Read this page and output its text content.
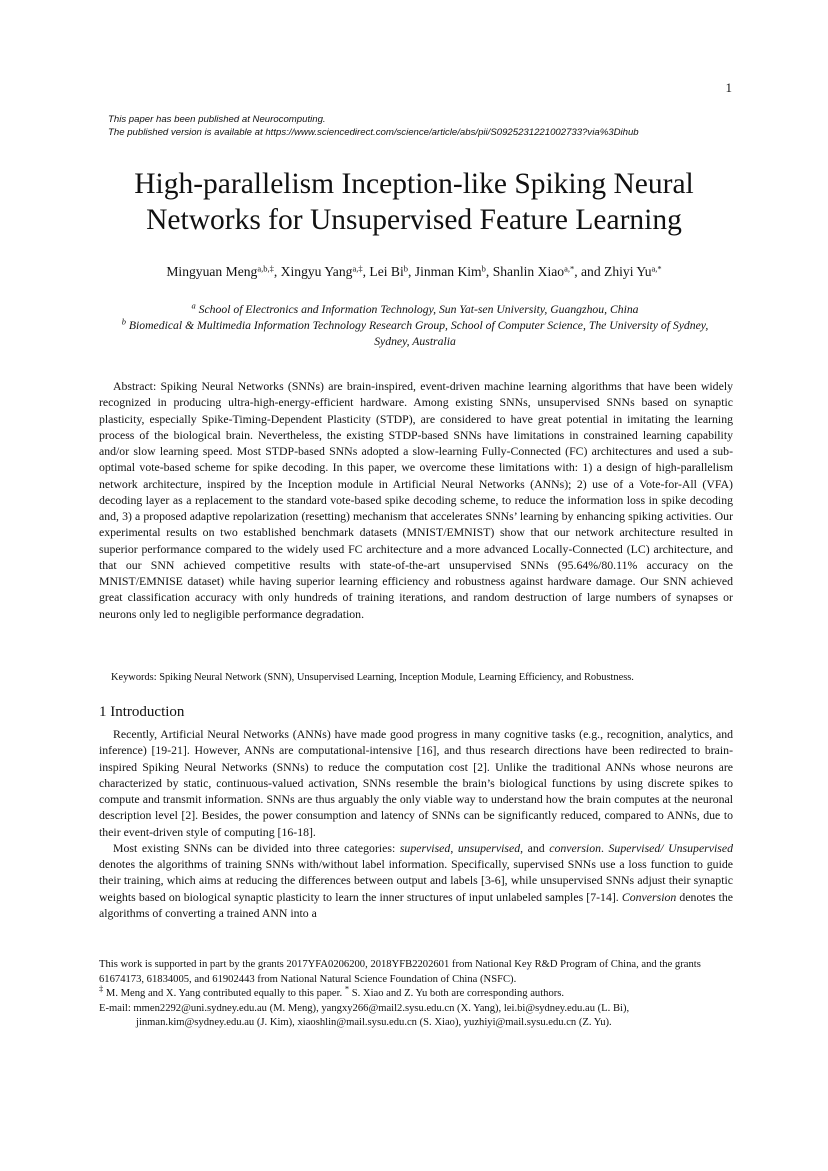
1
This paper has been published at Neurocomputing.
The published version is available at https://www.sciencedirect.com/science/article/abs/pii/S0925231221002733?via%3Dihub
High-parallelism Inception-like Spiking Neural
Networks for Unsupervised Feature Learning
Mingyuan Meng$^{a,b,\ddagger}$, Xingyu Yang$^{a,\ddagger}$, Lei Bi$^b$, Jinman Kim$^b$, Shanlin Xiao$^{a,*}$, and Zhiyi $Yu^{a,*}$
$^a$ School of Electronics and Information Technology, Sun Yat-sen University, Guangzhou, China
$^b$ Biomedical & Multimedia Information Technology Research Group, School of Computer Science, The University of Sydney, Sydney, Australia

Abstract: Spiking Neural Networks (SNNs) are brain-inspired, event-driven machine learning algorithms that have been widely recognized in producing ultra-high-energy-efficient hardware. Among existing SNNs, unsupervised SNNs based on synaptic plasticity, especially Spike-Timing-Dependent Plasticity (STDP), are considered to have great potential in imitating the learning process of the biological brain. Nevertheless, the existing STDP-based SNNs have limitations in constrained learning capability and/or slow learning speed. Most STDP-based SNNs adopted a slow-learning Fully-Connected (FC) architectures and used a sub-optimal vote-based scheme for spike decoding. In this paper, we overcome these limitations with: 1) a design of high-parallelism network architecture, inspired by the Inception module in Artificial Neural Networks (ANNs); 2) use of a Vote-for-All (VFA) decoding layer as a replacement to the standard vote-based spike decoding scheme, to reduce the information loss in spike decoding and, 3) a proposed adaptive repolarization (resetting) mechanism that accelerates SNNs’ learning by enhancing spiking activities. Our experimental results on two established benchmark datasets (MNIST/EMNIST) show that our network architecture resulted in superior performance compared to the widely used FC architecture and a more advanced Locally-Connected (LC) architecture, and that our SNN achieved competitive results with state-of-the-art unsupervised SNNs (95.64%/80.11% accuracy on the MNIST/EMNISE dataset) while having superior learning efficiency and robustness against hardware damage. Our SNN achieved great classification accuracy with only hundreds of training iterations, and random destruction of large numbers of synapses or neurons only led to negligible performance degradation.

Keywords: Spiking Neural Network (SNN), Unsupervised Learning, Inception Module, Learning Efficiency, and Robustness.
1 Introduction

Recently, Artificial Neural Networks (ANNs) have made good progress in many cognitive tasks (e.g., recognition, analytics, and inference) [19-21]. However, ANNs are computational-intensive [16], and thus research directions have been redirected to brain-inspired Spiking Neural Networks (SNNs) to reduce the computation cost [2]. Unlike the traditional ANNs whose neurons are characterized by static, continuous-valued activation, SNNs resemble the brain’s biological functions by using discrete spikes to compute and transmit information. SNNs are thus arguably the only viable way to understand how the brain computes at the neuronal description level [2]. Besides, the power consumption and latency of SNNs can be significantly reduced, compared to ANNs, due to their event-driven style of computing [16-18].

Most existing SNNs can be divided into three categories: supervised, unsupervised, and conversion. Supervised/ Unsupervised denotes the algorithms of training SNNs with/without label information. Specifically, supervised SNNs use a loss function to guide their training, which aims at reducing the differences between output and labels [3-6], while unsupervised SNNs adjust their synaptic weights based on biological synaptic plasticity to learn the inner structures of input unlabeled samples [7-14]. Conversion denotes the algorithms of converting a trained ANN into a

This work is supported in part by the grants 2017YFA0206200, 2018YFB2202601 from National Key R&D Program of China, and the grants 61674173, 61834005, and 61902443 from National Natural Science Foundation of China (NSFC).
‡ M. Meng and X. Yang contributed equally to this paper. * S. Xiao and Z. Yu both are corresponding authors.
E-mail: mmen2292@uni.sydney.edu.au (M. Meng), yangxy266@mail2.sysu.edu.cn (X. Yang), lei.bi@sydney.edu.au (L. Bi),
jinman.kim@sydney.edu.au (J. Kim), xiaoshlin@mail.sysu.edu.cn (S. Xiao), yuzhiyi@mail.sysu.edu.cn (Z. Yu).
